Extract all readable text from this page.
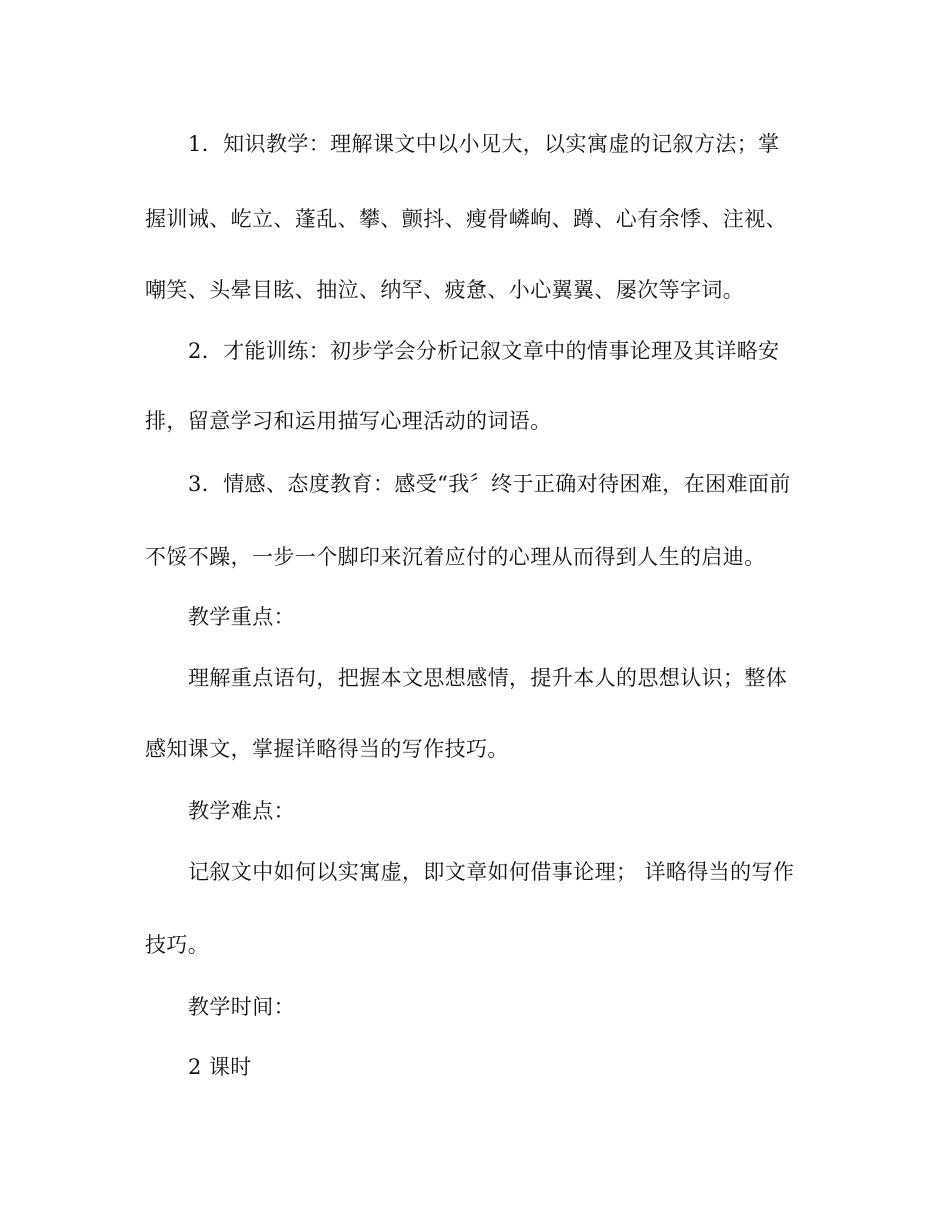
1．知识教学：理解课文中以小见大，以实寓虚的记叙方法；掌
握训诫、屹立、蓬乱、攀、颤抖、瘦骨嶙峋、蹲、心有余悸、注视、
嘲笑、头晕目眩、抽泣、纳罕、疲惫、小心翼翼、屡次等字词。
2．才能训练：初步学会分析记叙文章中的情事论理及其详略安
排，留意学习和运用描写心理活动的词语。
3．情感、态度教育：感受“我〞终于正确对待困难，在困难面前
不馁不躁，一步一个脚印来沉着应付的心理从而得到人生的启迪。
教学重点：
理解重点语句，把握本文思想感情，提升本人的思想认识；整体
感知课文，掌握详略得当的写作技巧。
教学难点：
记叙文中如何以实寓虚，即文章如何借事论理； 详略得当的写作
技巧。
教学时间：
2 课时
